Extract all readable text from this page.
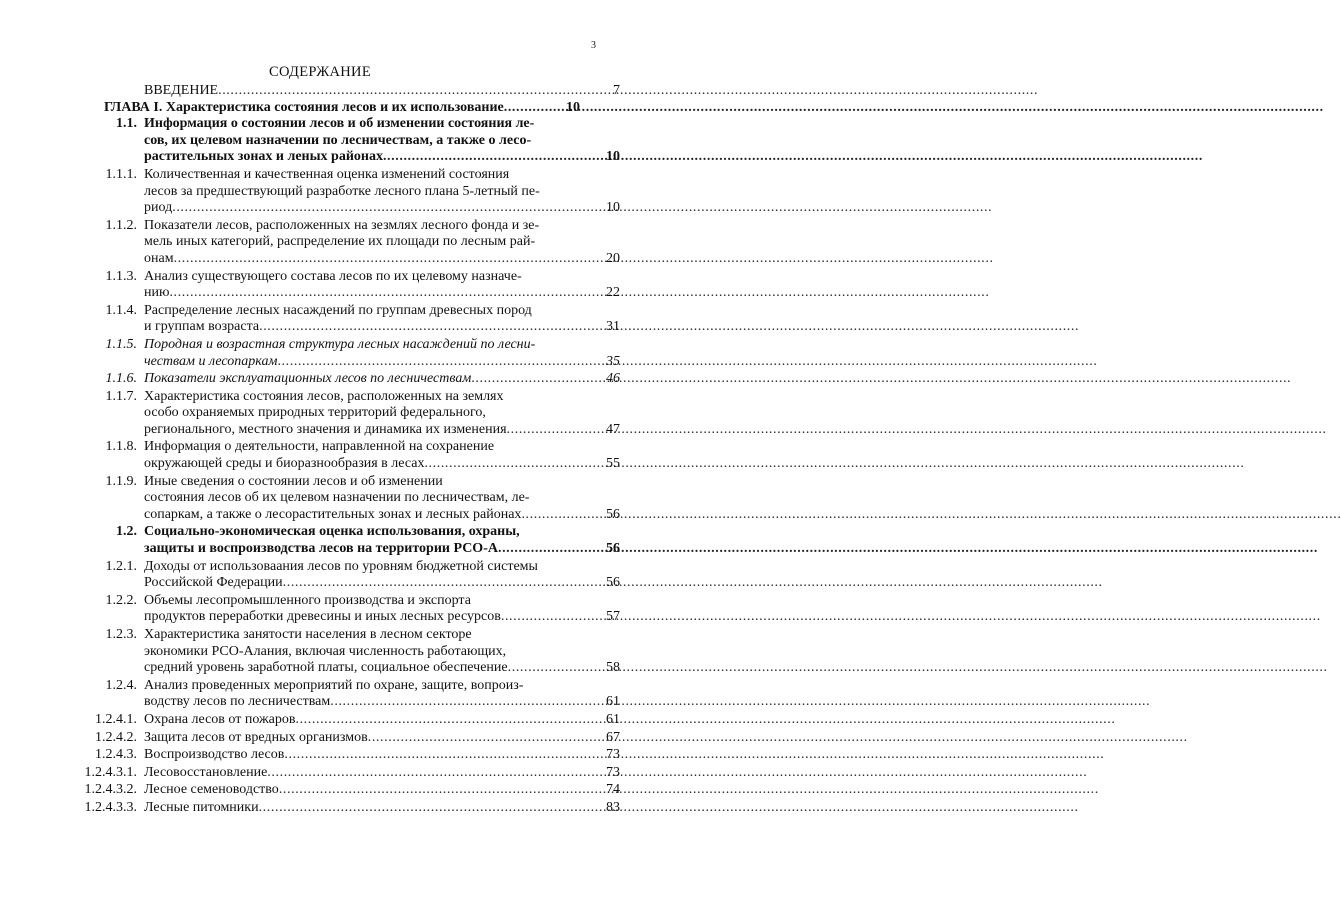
3
СОДЕРЖАНИЕ
ВВЕДЕНИЕ .....	7
ГЛАВА I. Характеристика состояния лесов и их использование .....	10
1.1. Информация о состоянии лесов и об изменении состояния ле-
сов, их целевом назначении по лесничествам, а также о лесо-
растительных зонах и леных районах .....	10
1.1.1. Количественная и качественная оценка изменений состояния
лесов за предшествующий разработке лесного плана 5-летный пе-
риод .....	10
1.1.2. Показатели лесов, расположенных на зезмлях лесного фонда и зе-
мель иных категорий, распределение их площади по лесным рай-
онам .....	20
1.1.3. Анализ существующего состава лесов по их целевому назначе-
нию .....	22
1.1.4. Распределение лесных насаждений по группам древесных пород
и группам возраста .....	31
1.1.5. Породная и возрастная структура лесных насаждений по лесни-
чествам и лесопаркам .....	35
1.1.6. Показатели эксплуатационных лесов по лесничествам .....	46
1.1.7. Характеристика состояния лесов, расположенных на землях
особо охраняемых природных территорий федерального,
регионального, местного значения и динамика их изменения .....	47
1.1.8. Информация о деятельности, направленной на сохранение
окружающей среды и биоразнообразия в лесах .....	55
1.1.9. Иные сведения о состоянии лесов и об изменении
состояния лесов об их целевом назначении по лесничествам, ле-
сопаркам, а также о лесорастительных зонах и лесных районах .....	56
1.2. Социально-экономическая оценка использования, охраны,
защиты и воспроизводства лесов на территории РСО-А .....	56
1.2.1. Доходы от использоваания лесов по уровням бюджетной системы
Российской Федерации .....	56
1.2.2. Объемы лесопромышленного производства и экспорта
продуктов переработки древесины и иных лесных ресурсов .....	57
1.2.3. Характеристика занятости населения в лесном секторе
экономики РСО-Алания, включая численность работающих,
средний уровень заработной платы, социальное обеспечение .....	58
1.2.4. Анализ проведенных мероприятий по охране, защите, вопроиз-
водству лесов по лесничествам .....	61
1.2.4.1. Охрана лесов от пожаров .....	61
1.2.4.2. Защита лесов от вредных организмов .....	67
1.2.4.3. Воспроизводство лесов .....	73
1.2.4.3.1. Лесовосстановление .....	73
1.2.4.3.2. Лесное семеноводство .....	74
1.2.4.3.3. Лесные питомники .....	83
